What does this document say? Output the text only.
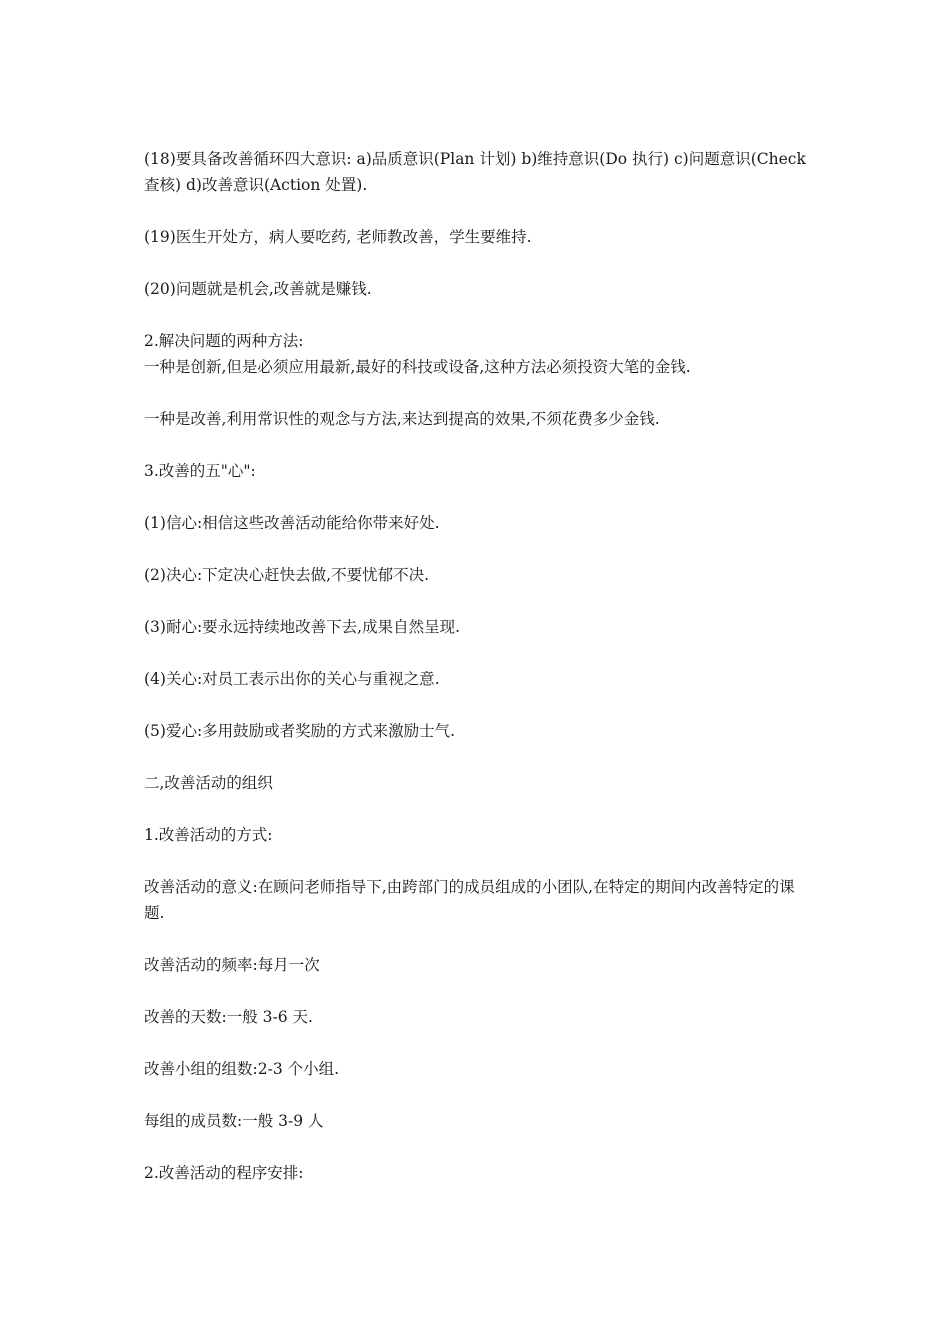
(18)要具备改善循环四大意识: a)品质意识(Plan 计划) b)维持意识(Do 执行) c)问题意识(Check 查核) d)改善意识(Action 处置).

(19)医生开处方，病人要吃药, 老师教改善，学生要维持.

(20)问题就是机会,改善就是赚钱.

2.解决问题的两种方法:

一种是创新,但是必须应用最新,最好的科技或设备,这种方法必须投资大笔的金钱.

一种是改善,利用常识性的观念与方法,来达到提高的效果,不须花费多少金钱.

3.改善的五"心":

(1)信心:相信这些改善活动能给你带来好处.

(2)决心:下定决心赶快去做,不要忧郁不决.

(3)耐心:要永远持续地改善下去,成果自然呈现.

(4)关心:对员工表示出你的关心与重视之意.

(5)爱心:多用鼓励或者奖励的方式来激励士气.

二,改善活动的组织

1.改善活动的方式:

改善活动的意义:在顾问老师指导下,由跨部门的成员组成的小团队,在特定的期间内改善特定的课题.

改善活动的频率:每月一次

改善的天数:一般 3-6 天.

改善小组的组数:2-3 个小组.

每组的成员数:一般 3-9 人

2.改善活动的程序安排:
